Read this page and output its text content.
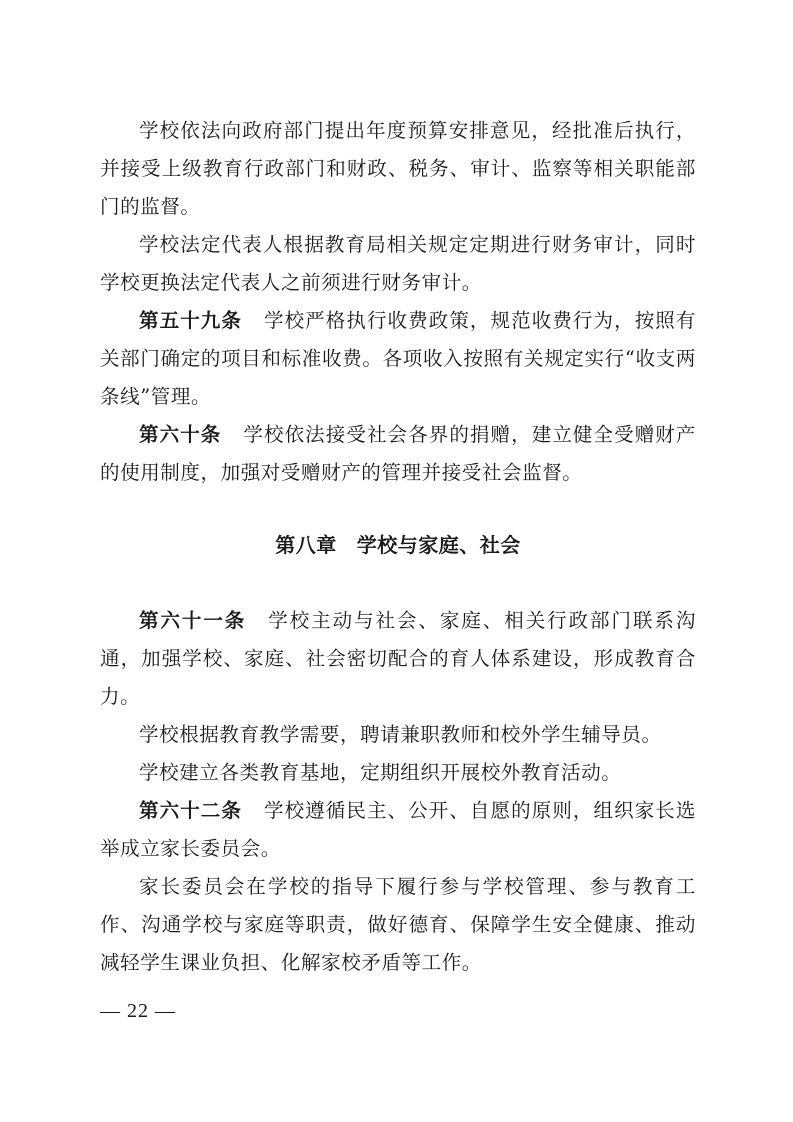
学校依法向政府部门提出年度预算安排意见，经批准后执行，并接受上级教育行政部门和财政、税务、审计、监察等相关职能部门的监督。

学校法定代表人根据教育局相关规定定期进行财务审计，同时学校更换法定代表人之前须进行财务审计。

第五十九条 学校严格执行收费政策，规范收费行为，按照有关部门确定的项目和标准收费。各项收入按照有关规定实行“收支两条线”管理。

第六十条 学校依法接受社会各界的捐赠，建立健全受赠财产的使用制度，加强对受赠财产的管理并接受社会监督。

第八章 学校与家庭、社会

第六十一条 学校主动与社会、家庭、相关行政部门联系沟通，加强学校、家庭、社会密切配合的育人体系建设，形成教育合力。

学校根据教育教学需要，聘请兼职教师和校外学生辅导员。

学校建立各类教育基地，定期组织开展校外教育活动。

第六十二条 学校遵循民主、公开、自愿的原则，组织家长选举成立家长委员会。

家长委员会在学校的指导下履行参与学校管理、参与教育工作、沟通学校与家庭等职责，做好德育、保障学生安全健康、推动减轻学生课业负担、化解家校矛盾等工作。

— 22 —
